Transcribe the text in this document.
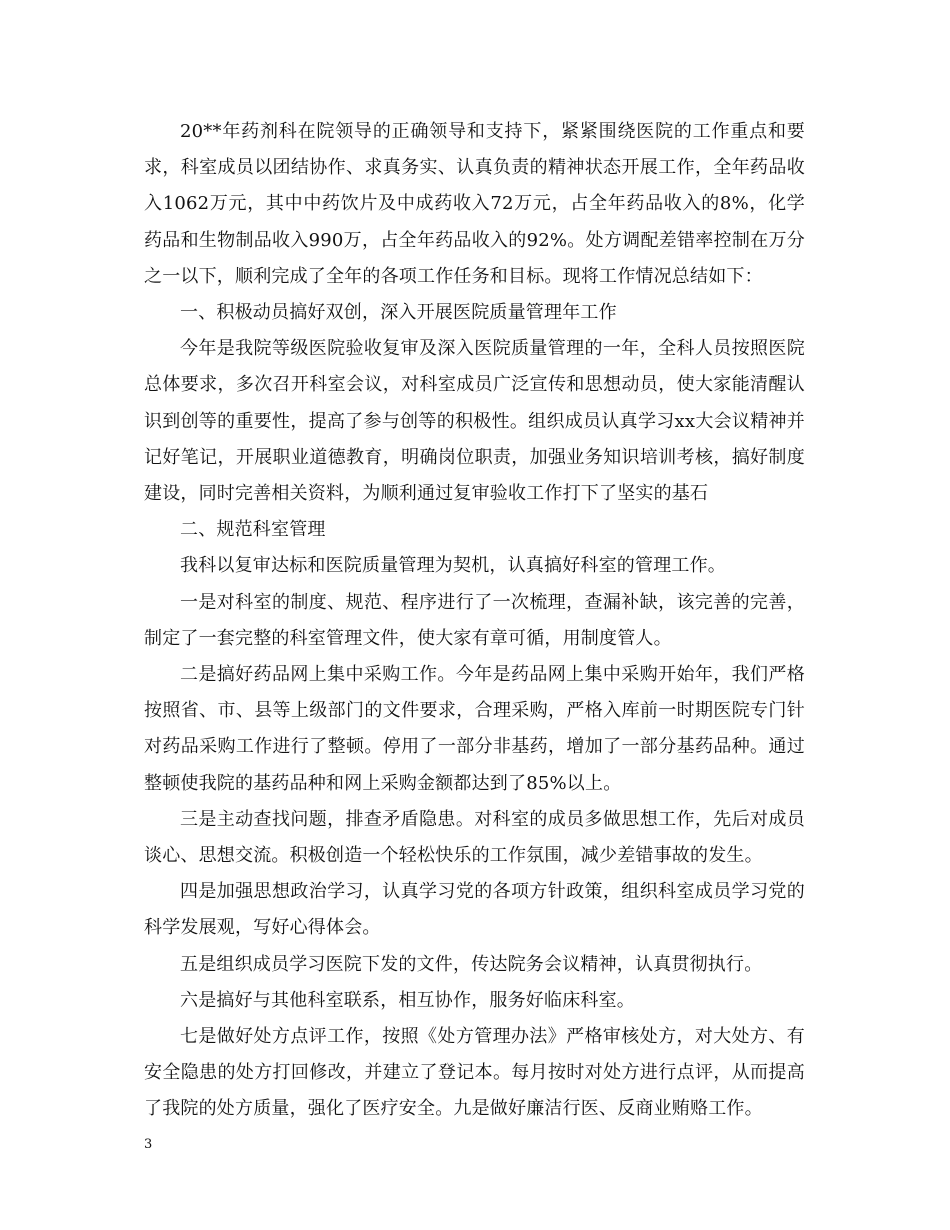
20**年药剂科在院领导的正确领导和支持下，紧紧围绕医院的工作重点和要求，科室成员以团结协作、求真务实、认真负责的精神状态开展工作，全年药品收入1062万元，其中中药饮片及中成药收入72万元，占全年药品收入的8%，化学药品和生物制品收入990万，占全年药品收入的92%。处方调配差错率控制在万分之一以下，顺利完成了全年的各项工作任务和目标。现将工作情况总结如下：

一、积极动员搞好双创，深入开展医院质量管理年工作

今年是我院等级医院验收复审及深入医院质量管理的一年，全科人员按照医院总体要求，多次召开科室会议，对科室成员广泛宣传和思想动员，使大家能清醒认识到创等的重要性，提高了参与创等的积极性。组织成员认真学习xx大会议精神并记好笔记，开展职业道德教育，明确岗位职责，加强业务知识培训考核，搞好制度建设，同时完善相关资料，为顺利通过复审验收工作打下了坚实的基石

二、规范科室管理

我科以复审达标和医院质量管理为契机，认真搞好科室的管理工作。

一是对科室的制度、规范、程序进行了一次梳理，查漏补缺，该完善的完善，制定了一套完整的科室管理文件，使大家有章可循，用制度管人。

二是搞好药品网上集中采购工作。今年是药品网上集中采购开始年，我们严格按照省、市、县等上级部门的文件要求，合理采购，严格入库前一时期医院专门针对药品采购工作进行了整顿。停用了一部分非基药，增加了一部分基药品种。通过整顿使我院的基药品种和网上采购金额都达到了85%以上。

三是主动查找问题，排查矛盾隐患。对科室的成员多做思想工作，先后对成员谈心、思想交流。积极创造一个轻松快乐的工作氛围，减少差错事故的发生。

四是加强思想政治学习，认真学习党的各项方针政策，组织科室成员学习党的科学发展观，写好心得体会。

五是组织成员学习医院下发的文件，传达院务会议精神，认真贯彻执行。

六是搞好与其他科室联系，相互协作，服务好临床科室。

七是做好处方点评工作，按照《处方管理办法》严格审核处方，对大处方、有安全隐患的处方打回修改，并建立了登记本。每月按时对处方进行点评，从而提高了我院的处方质量，强化了医疗安全。九是做好廉洁行医、反商业贿赂工作。

3
